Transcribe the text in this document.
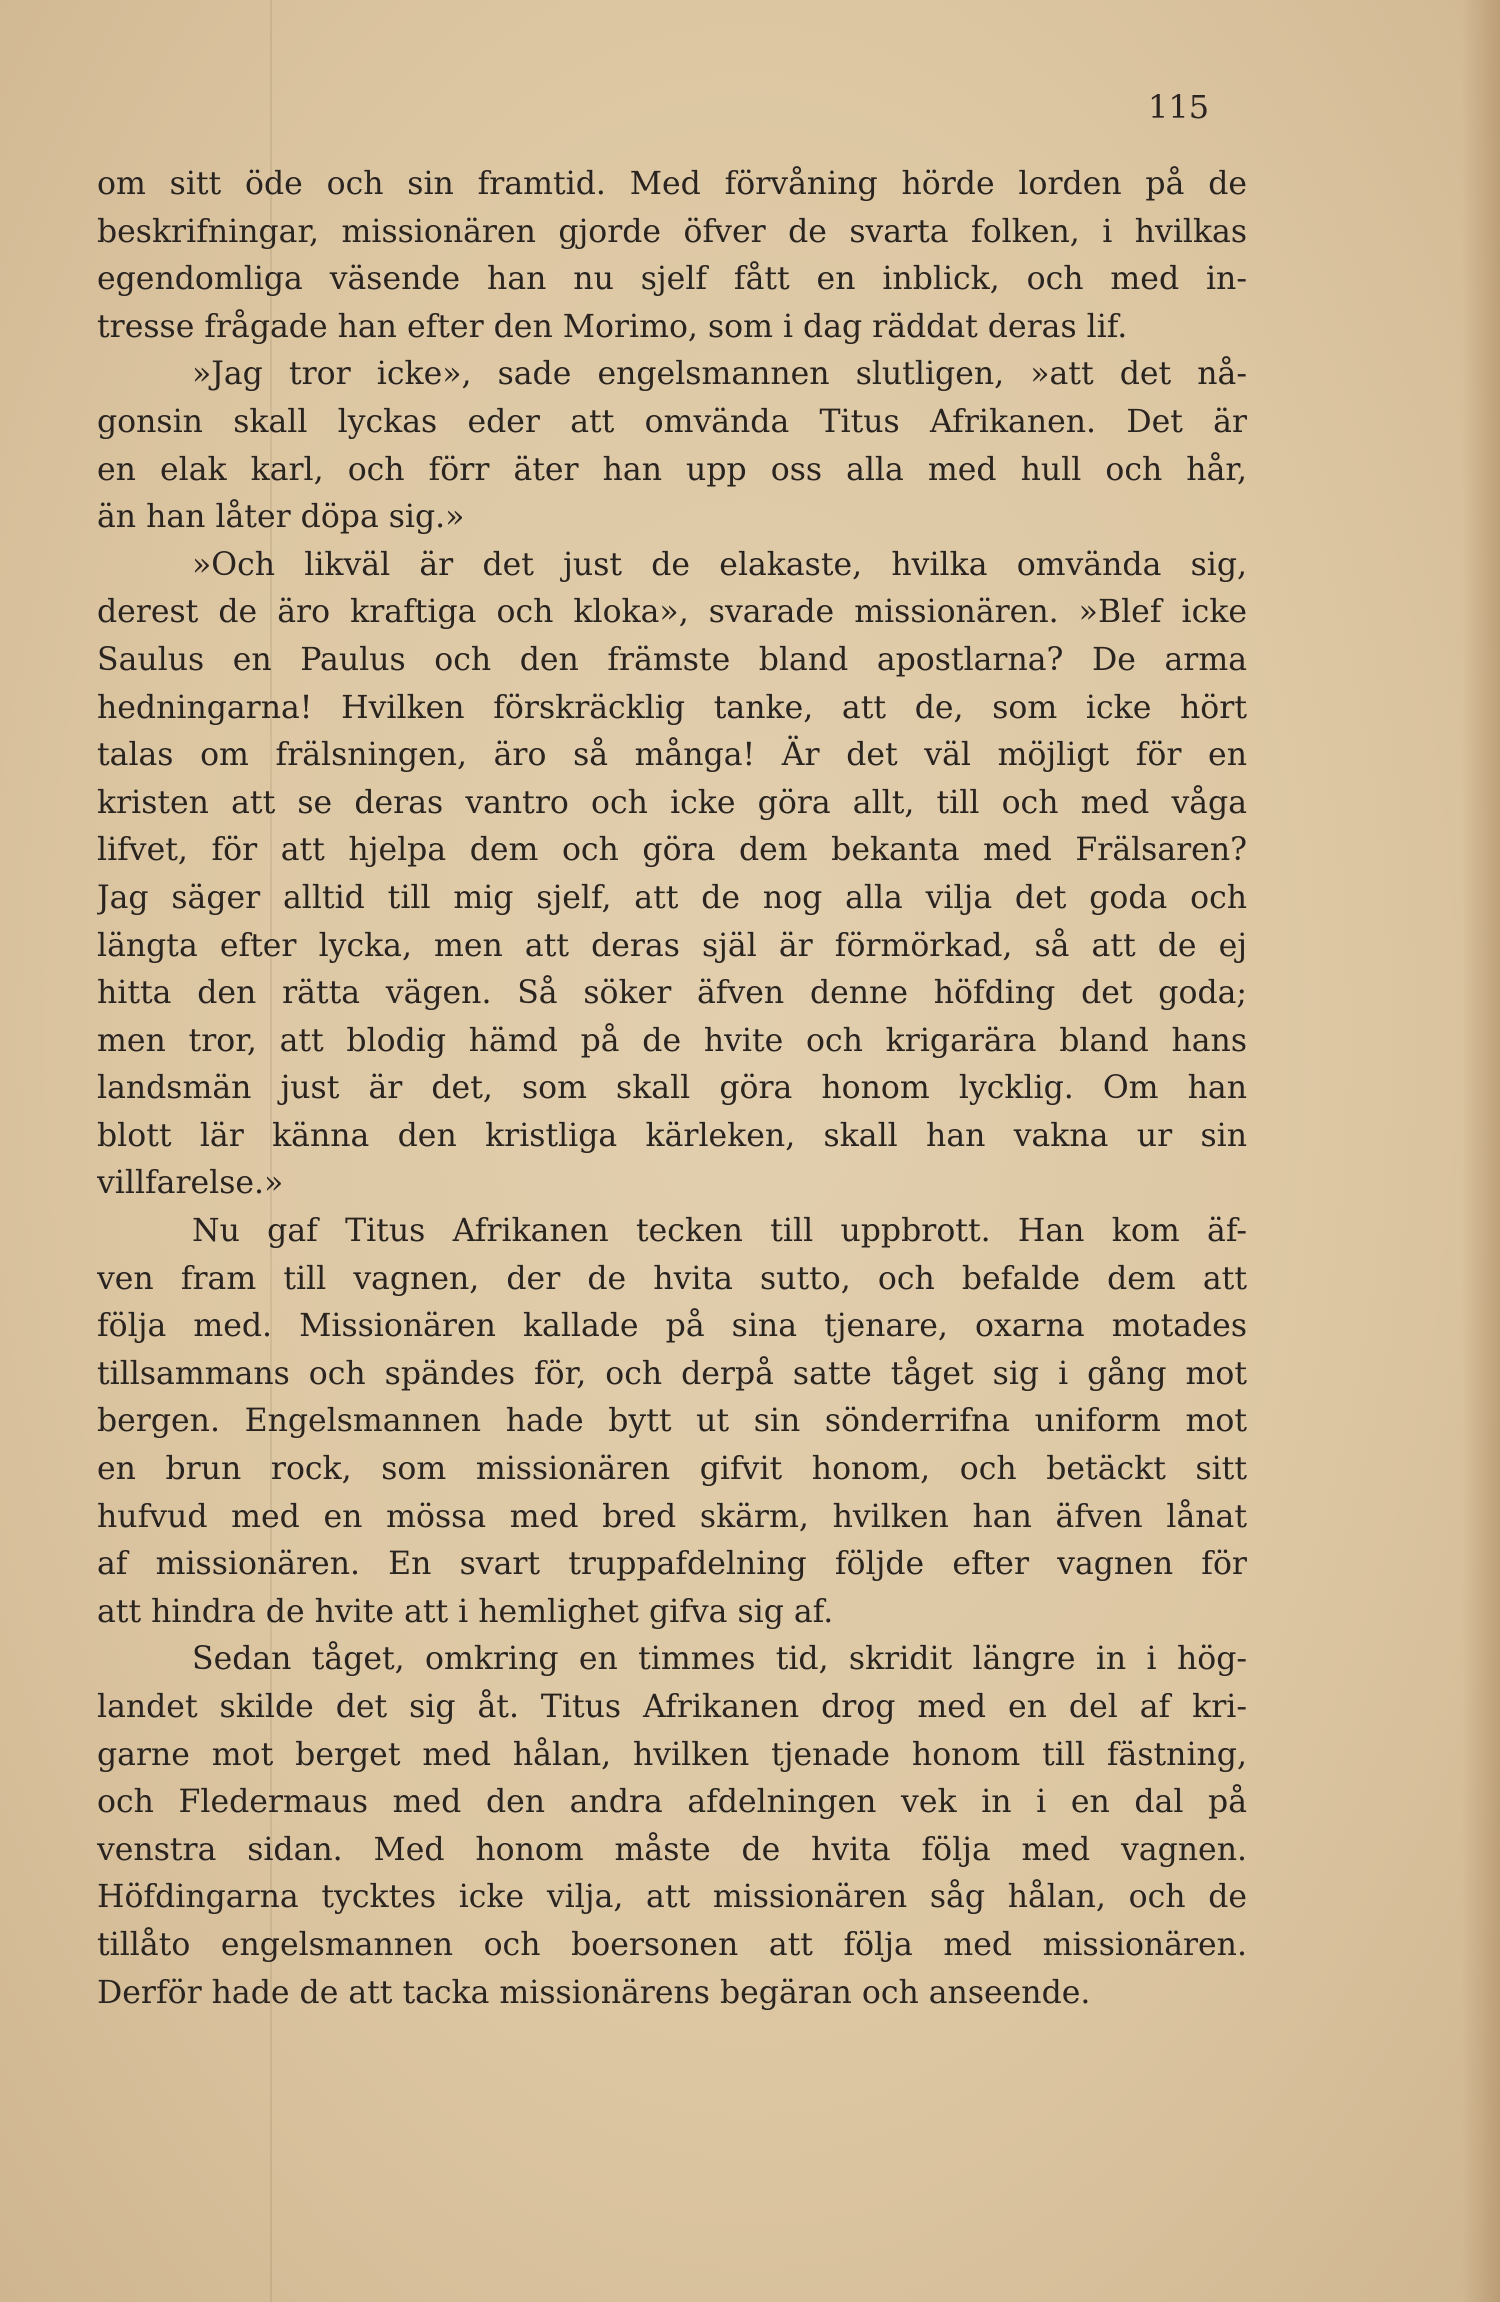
115
om sitt öde och sin framtid. Med förvåning hörde lorden på de
beskrifningar, missionären gjorde öfver de svarta folken, i hvilkas
egendomliga väsende han nu sjelf fått en inblick, och med in-
tresse frågade han efter den Morimo, som i dag räddat deras lif.
»Jag tror icke», sade engelsmannen slutligen, »att det nå-
gonsin skall lyckas eder att omvända Titus Afrikanen. Det är
en elak karl, och förr äter han upp oss alla med hull och hår,
än han låter döpa sig.»
»Och likväl är det just de elakaste, hvilka omvända sig,
derest de äro kraftiga och kloka», svarade missionären. »Blef icke
Saulus en Paulus och den främste bland apostlarna? De arma
hedningarna! Hvilken förskräcklig tanke, att de, som icke hört
talas om frälsningen, äro så många! Är det väl möjligt för en
kristen att se deras vantro och icke göra allt, till och med våga
lifvet, för att hjelpa dem och göra dem bekanta med Frälsaren?
Jag säger alltid till mig sjelf, att de nog alla vilja det goda och
längta efter lycka, men att deras själ är förmörkad, så att de ej
hitta den rätta vägen. Så söker äfven denne höfding det goda;
men tror, att blodig hämd på de hvite och krigarära bland hans
landsmän just är det, som skall göra honom lycklig. Om han
blott lär känna den kristliga kärleken, skall han vakna ur sin
villfarelse.»
Nu gaf Titus Afrikanen tecken till uppbrott. Han kom äf-
ven fram till vagnen, der de hvita sutto, och befalde dem att
följa med. Missionären kallade på sina tjenare, oxarna motades
tillsammans och spändes för, och derpå satte tåget sig i gång mot
bergen. Engelsmannen hade bytt ut sin sönderrifna uniform mot
en brun rock, som missionären gifvit honom, och betäckt sitt
hufvud med en mössa med bred skärm, hvilken han äfven lånat
af missionären. En svart truppafdelning följde efter vagnen för
att hindra de hvite att i hemlighet gifva sig af.
Sedan tåget, omkring en timmes tid, skridit längre in i hög-
landet skilde det sig åt. Titus Afrikanen drog med en del af kri-
garne mot berget med hålan, hvilken tjenade honom till fästning,
och Fledermaus med den andra afdelningen vek in i en dal på
venstra sidan. Med honom måste de hvita följa med vagnen.
Höfdingarna tycktes icke vilja, att missionären såg hålan, och de
tillåto engelsmannen och boersonen att följa med missionären.
Derför hade de att tacka missionärens begäran och anseende.
